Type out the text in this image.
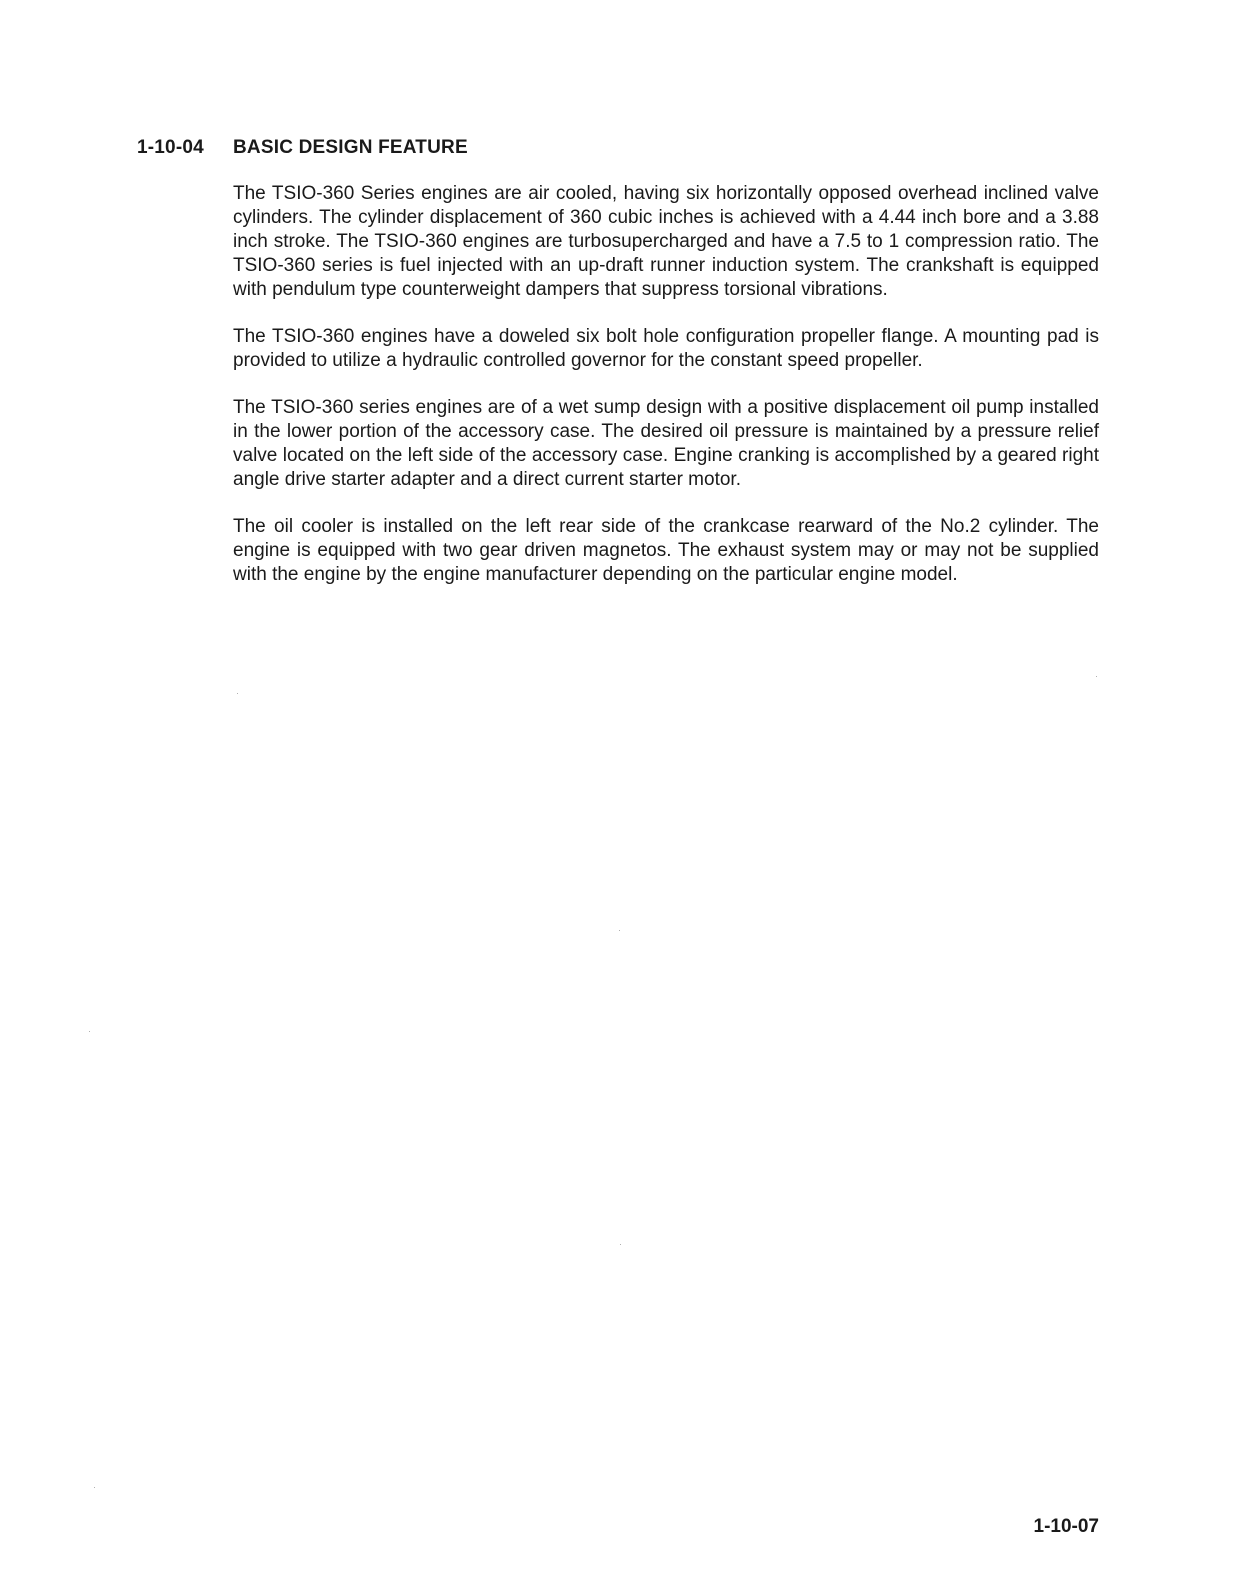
1-10-04 BASIC DESIGN FEATURE

The TSIO-360 Series engines are air cooled, having six horizontally opposed overhead inclined valve cylinders. The cylinder displacement of 360 cubic inches is achieved with a 4.44 inch bore and a 3.88 inch stroke. The TSIO-360 engines are turbosupercharged and have a 7.5 to 1 compression ratio. The TSIO-360 series is fuel injected with an up-draft runner induction system. The crankshaft is equipped with pendulum type counterweight dampers that suppress torsional vibrations.

The TSIO-360 engines have a doweled six bolt hole configuration propeller flange. A mounting pad is provided to utilize a hydraulic controlled governor for the constant speed propeller.

The TSIO-360 series engines are of a wet sump design with a positive displacement oil pump installed in the lower portion of the accessory case. The desired oil pressure is maintained by a pressure relief valve located on the left side of the accessory case. Engine cranking is accomplished by a geared right angle drive starter adapter and a direct current starter motor.

The oil cooler is installed on the left rear side of the crankcase rearward of the No.2 cylinder. The engine is equipped with two gear driven magnetos. The exhaust system may or may not be supplied with the engine by the engine manufacturer depending on the particular engine model.

1-10-07
